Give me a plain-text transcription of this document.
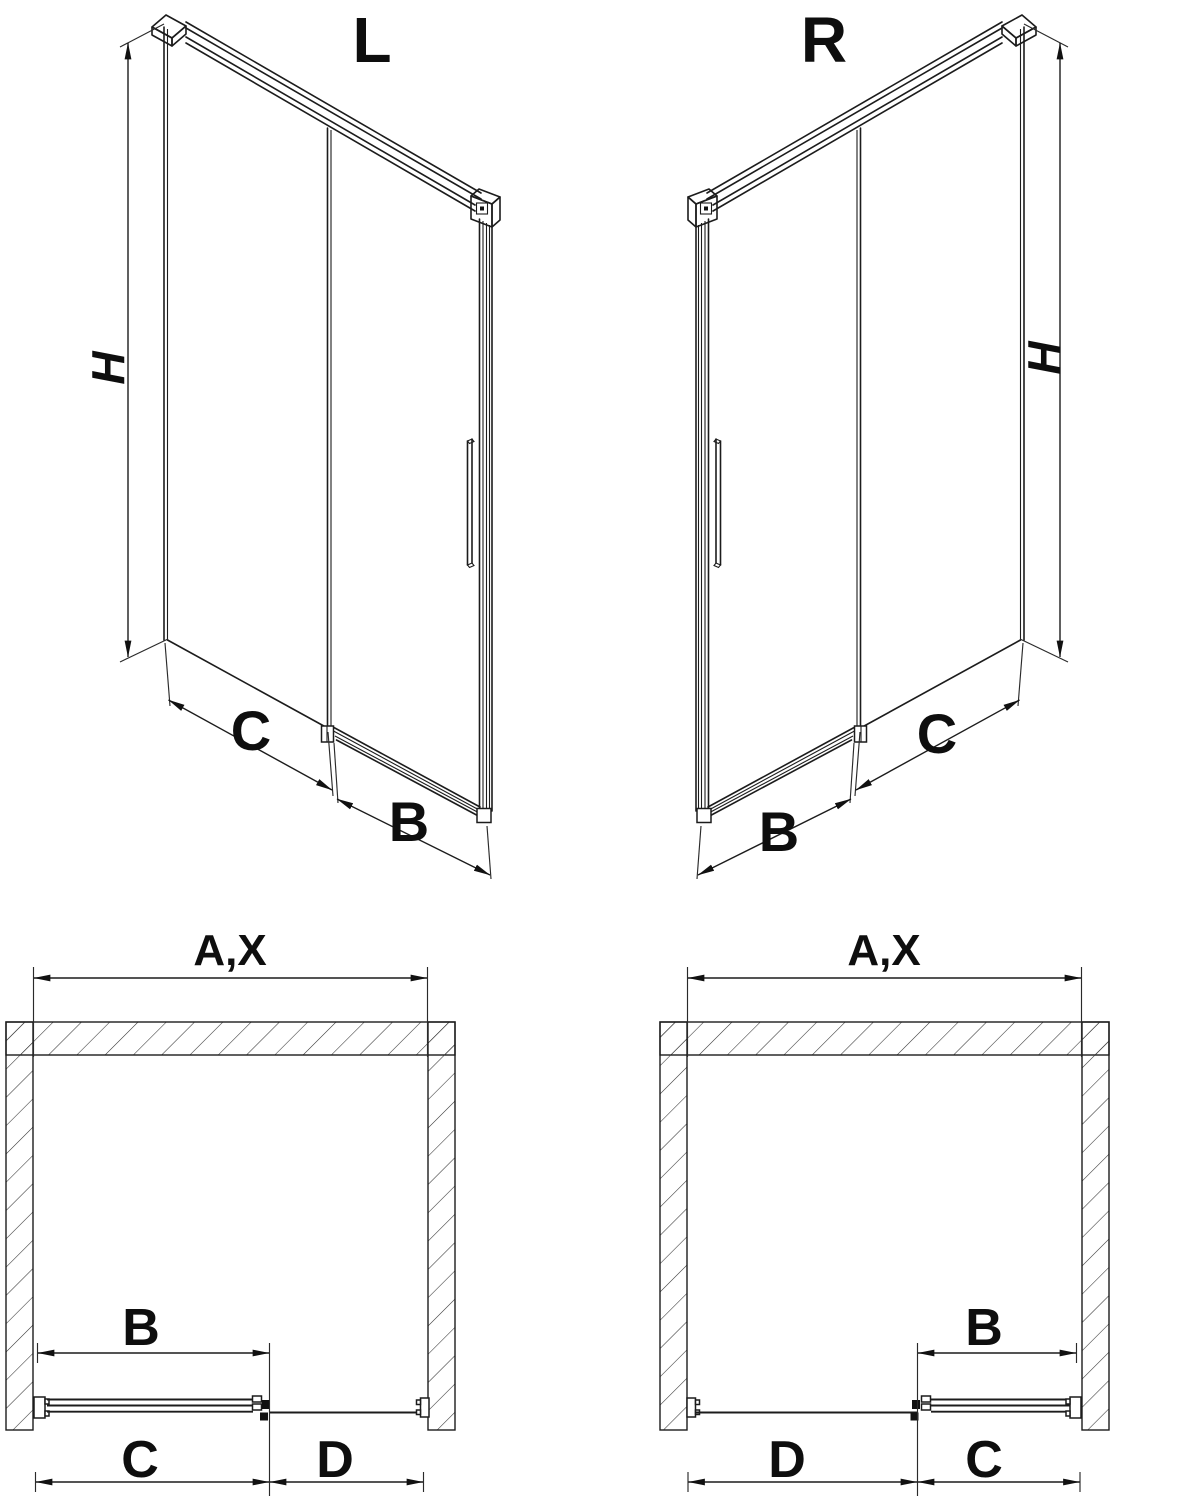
L
H
C
B
R
H
C
B
A,X
B
C	D
A,X
B
D	C
